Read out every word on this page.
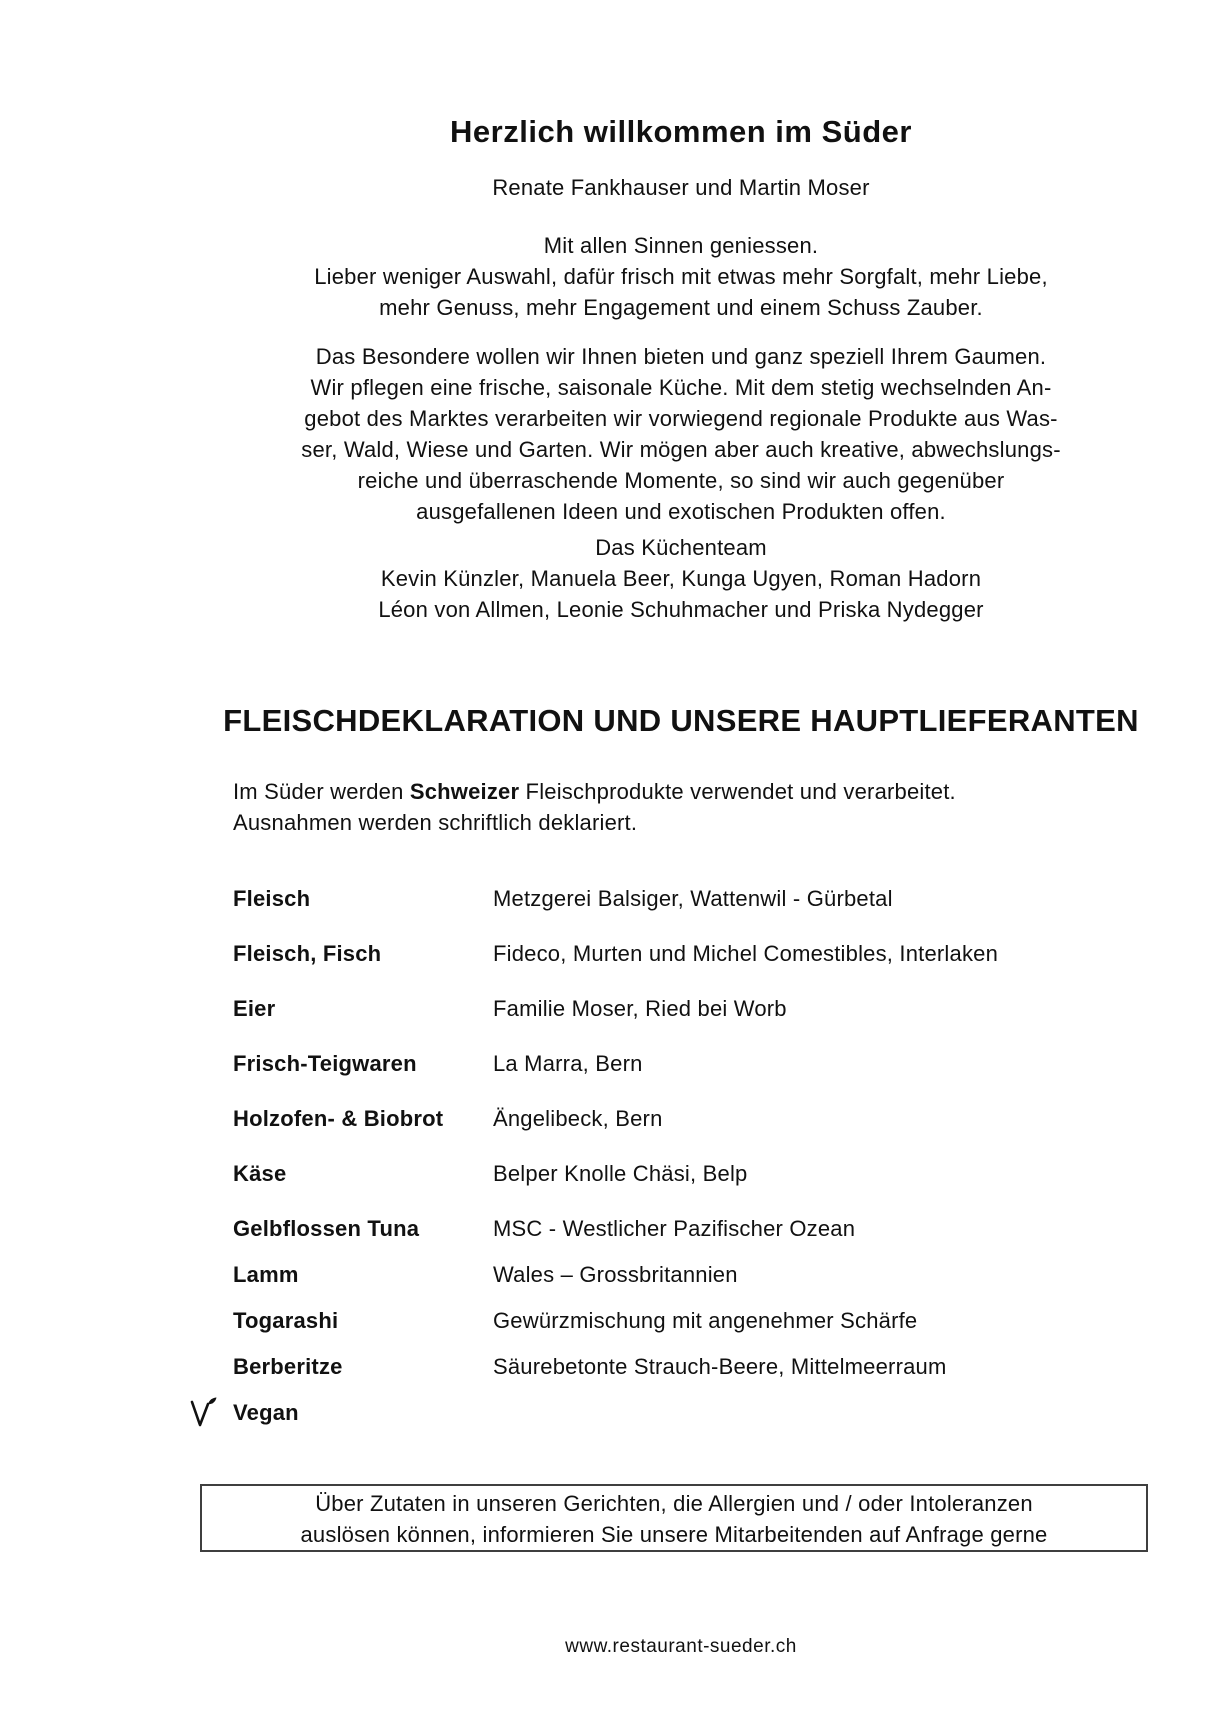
Herzlich willkommen im Süder
Renate Fankhauser und Martin Moser
Mit allen Sinnen geniessen.
Lieber weniger Auswahl, dafür frisch mit etwas mehr Sorgfalt, mehr Liebe,
mehr Genuss, mehr Engagement und einem Schuss Zauber.
Das Besondere wollen wir Ihnen bieten und ganz speziell Ihrem Gaumen.
Wir pflegen eine frische, saisonale Küche. Mit dem stetig wechselnden An-
gebot des Marktes verarbeiten wir vorwiegend regionale Produkte aus Was-
ser, Wald, Wiese und Garten. Wir mögen aber auch kreative, abwechslungs-
reiche und überraschende Momente, so sind wir auch gegenüber
ausgefallenen Ideen und exotischen Produkten offen.
Das Küchenteam
Kevin Künzler, Manuela Beer, Kunga Ugyen, Roman Hadorn
Léon von Allmen, Leonie Schuhmacher und Priska Nydegger
FLEISCHDEKLARATION UND UNSERE HAUPTLIEFERANTEN
Im Süder werden Schweizer Fleischprodukte verwendet und verarbeitet.
Ausnahmen werden schriftlich deklariert.
Fleisch	Metzgerei Balsiger, Wattenwil - Gürbetal
Fleisch, Fisch	Fideco, Murten und Michel Comestibles, Interlaken
Eier	Familie Moser, Ried bei Worb
Frisch-Teigwaren	La Marra, Bern
Holzofen- & Biobrot	Ängelibeck, Bern
Käse	Belper Knolle Chäsi, Belp
Gelbflossen Tuna	MSC - Westlicher Pazifischer Ozean
Lamm	Wales – Grossbritannien
Togarashi	Gewürzmischung mit angenehmer Schärfe
Berberitze	Säurebetonte Strauch-Beere, Mittelmeerraum
Vegan
Über Zutaten in unseren Gerichten, die Allergien und / oder Intoleranzen
auslösen können, informieren Sie unsere Mitarbeitenden auf Anfrage gerne
www.restaurant-sueder.ch
